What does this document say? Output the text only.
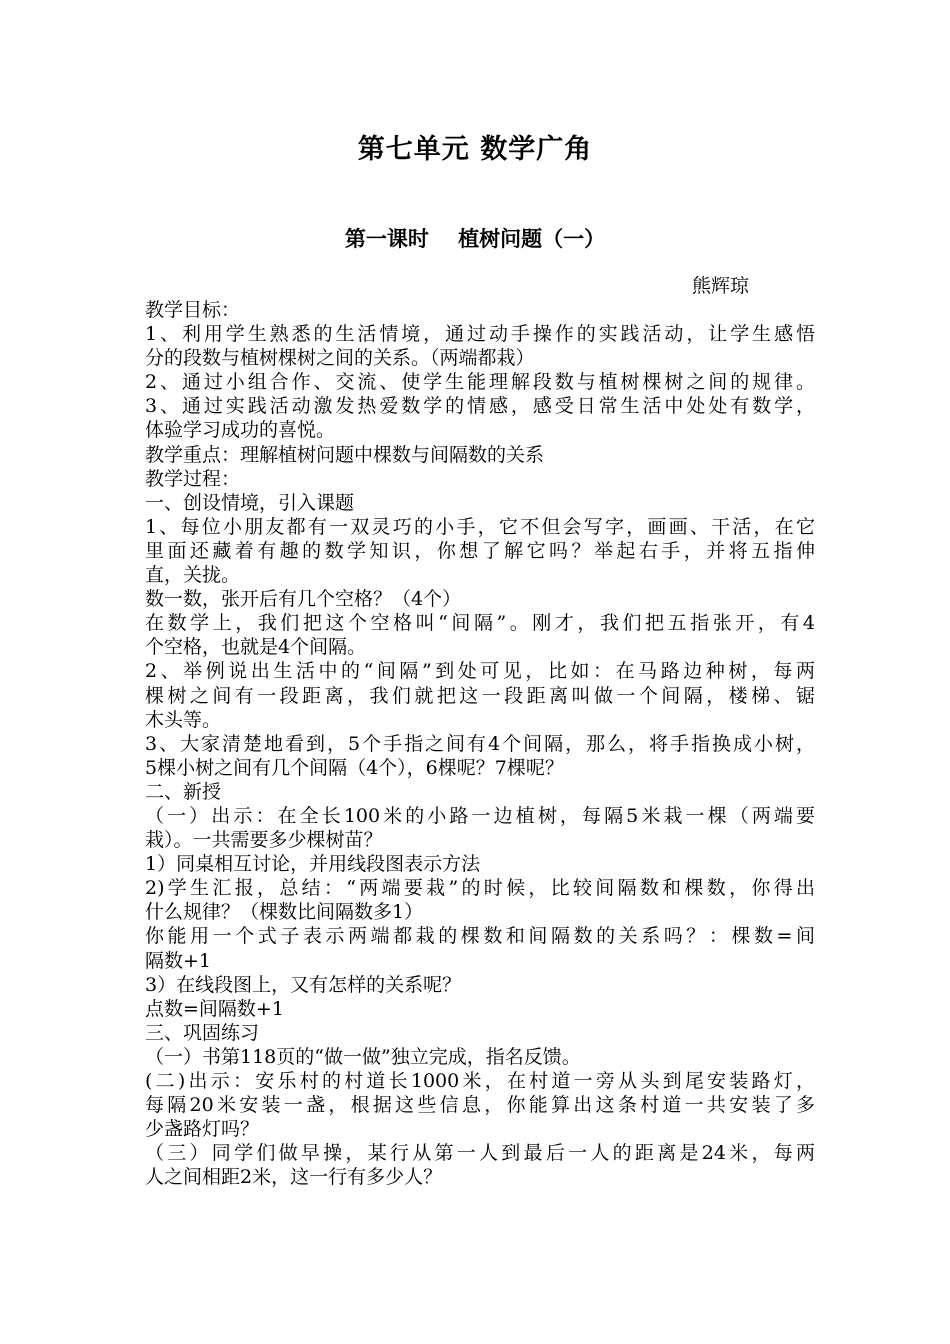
第七单元 数学广角
第一课时    植树问题（一）
熊辉琼
教学目标：
1、利用学生熟悉的生活情境，通过动手操作的实践活动，让学生感悟
分的段数与植树棵树之间的关系。（两端都栽）
2、通过小组合作、交流、使学生能理解段数与植树棵树之间的规律。
3、通过实践活动激发热爱数学的情感，感受日常生活中处处有数学，
体验学习成功的喜悦。
教学重点：理解植树问题中棵数与间隔数的关系
教学过程：
一、创设情境，引入课题
1、每位小朋友都有一双灵巧的小手，它不但会写字，画画、干活，在它
里面还藏着有趣的数学知识，你想了解它吗？举起右手，并将五指伸
直，关拢。
数一数，张开后有几个空格？（4个）
在数学上，我们把这个空格叫“间隔”。刚才，我们把五指张开，有4
个空格，也就是4个间隔。
2、举例说出生活中的“间隔”到处可见，比如：在马路边种树，每两
棵树之间有一段距离，我们就把这一段距离叫做一个间隔，楼梯、锯
木头等。
3、大家清楚地看到，5个手指之间有4个间隔，那么，将手指换成小树，
5棵小树之间有几个间隔（4个），6棵呢？7棵呢？
二、新授
（一）出示：在全长100米的小路一边植树，每隔5米栽一棵（两端要
栽）。一共需要多少棵树苗？
1）同桌相互讨论，并用线段图表示方法
2)学生汇报，总结：“两端要栽”的时候，比较间隔数和棵数，你得出
什么规律？（棵数比间隔数多1）
你能用一个式子表示两端都栽的棵数和间隔数的关系吗？：棵数=间
隔数+1
3）在线段图上，又有怎样的关系呢？
点数=间隔数+1
三、巩固练习
（一）书第118页的“做一做”独立完成，指名反馈。
(二)出示：安乐村的村道长1000米，在村道一旁从头到尾安装路灯，
每隔20米安装一盏，根据这些信息，你能算出这条村道一共安装了多
少盏路灯吗？
（三）同学们做早操，某行从第一人到最后一人的距离是24米，每两
人之间相距2米，这一行有多少人？
